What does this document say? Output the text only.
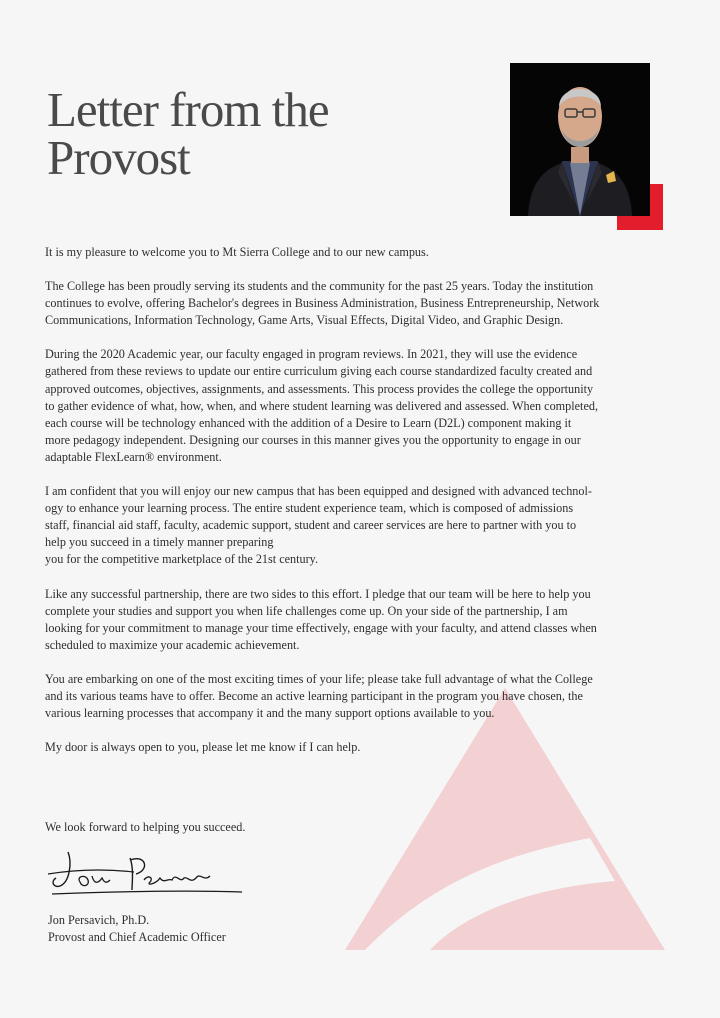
Letter from the
Provost

It is my pleasure to welcome you to Mt Sierra College and to our new campus.

The College has been proudly serving its students and the community for the past 25 years. Today the institution
continues to evolve, offering Bachelor's degrees in Business Administration, Business Entrepreneurship, Network
Communications, Information Technology, Game Arts, Visual Effects, Digital Video, and Graphic Design.

During the 2020 Academic year, our faculty engaged in program reviews. In 2021, they will use the evidence
gathered from these reviews to update our entire curriculum giving each course standardized faculty created and
approved outcomes, objectives, assignments, and assessments. This process provides the college the opportunity
to gather evidence of what, how, when, and where student learning was delivered and assessed. When completed,
each course will be technology enhanced with the addition of a Desire to Learn (D2L) component making it
more pedagogy independent. Designing our courses in this manner gives you the opportunity to engage in our
adaptable FlexLearn® environment.

I am confident that you will enjoy our new campus that has been equipped and designed with advanced technol-
ogy to enhance your learning process. The entire student experience team, which is composed of admissions
staff, financial aid staff, faculty, academic support, student and career services are here to partner with you to
help you succeed in a timely manner preparing
you for the competitive marketplace of the 21st century.

Like any successful partnership, there are two sides to this effort. I pledge that our team will be here to help you
complete your studies and support you when life challenges come up. On your side of the partnership, I am
looking for your commitment to manage your time effectively, engage with your faculty, and attend classes when
scheduled to maximize your academic achievement.

You are embarking on one of the most exciting times of your life; please take full advantage of what the College
and its various teams have to offer. Become an active learning participant in the program you have chosen, the
various learning processes that accompany it and the many support options available to you.

My door is always open to you, please let me know if I can help.

We look forward to helping you succeed.
Jon Persavich, Ph.D.
Provost and Chief Academic Officer
